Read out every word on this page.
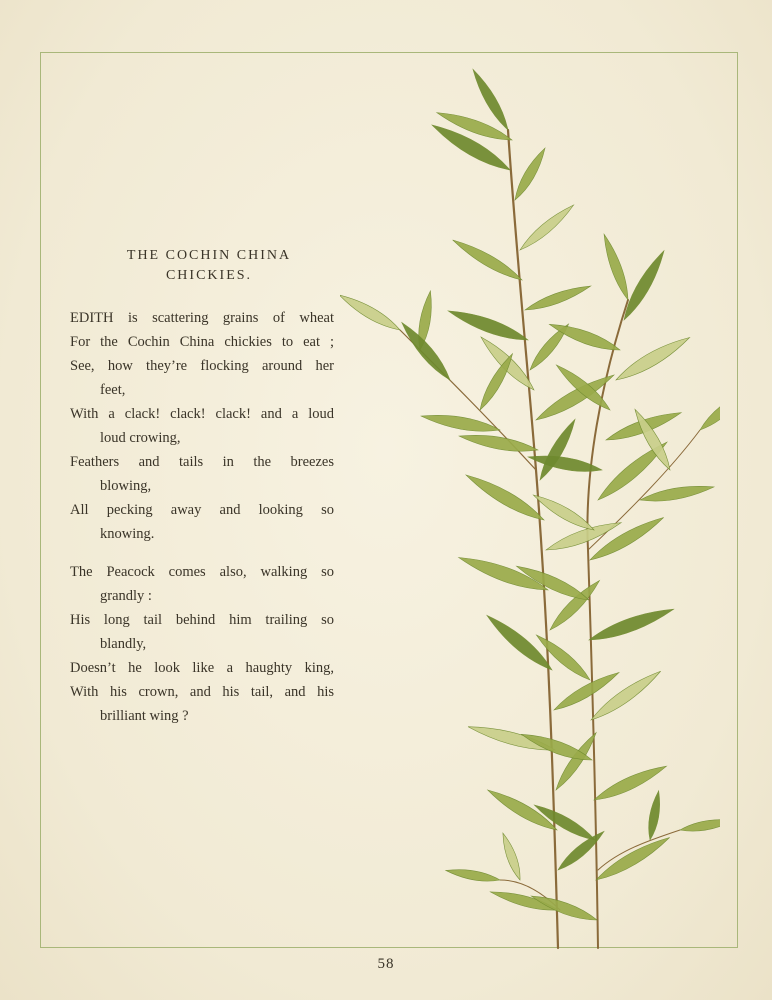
THE COCHIN CHINA
CHICKIES.
EDITH is scattering grains of wheat
For the Cochin China chickies to eat ;
See, how they’re flocking around her
feet,
With a clack! clack! clack! and a loud
loud crowing,
Feathers and tails in the breezes
blowing,
All pecking away and looking so
knowing.
The Peacock comes also, walking so
grandly :
His long tail behind him trailing so
blandly,
Doesn’t he look like a haughty king,
With his crown, and his tail, and his
brilliant wing ?
58
